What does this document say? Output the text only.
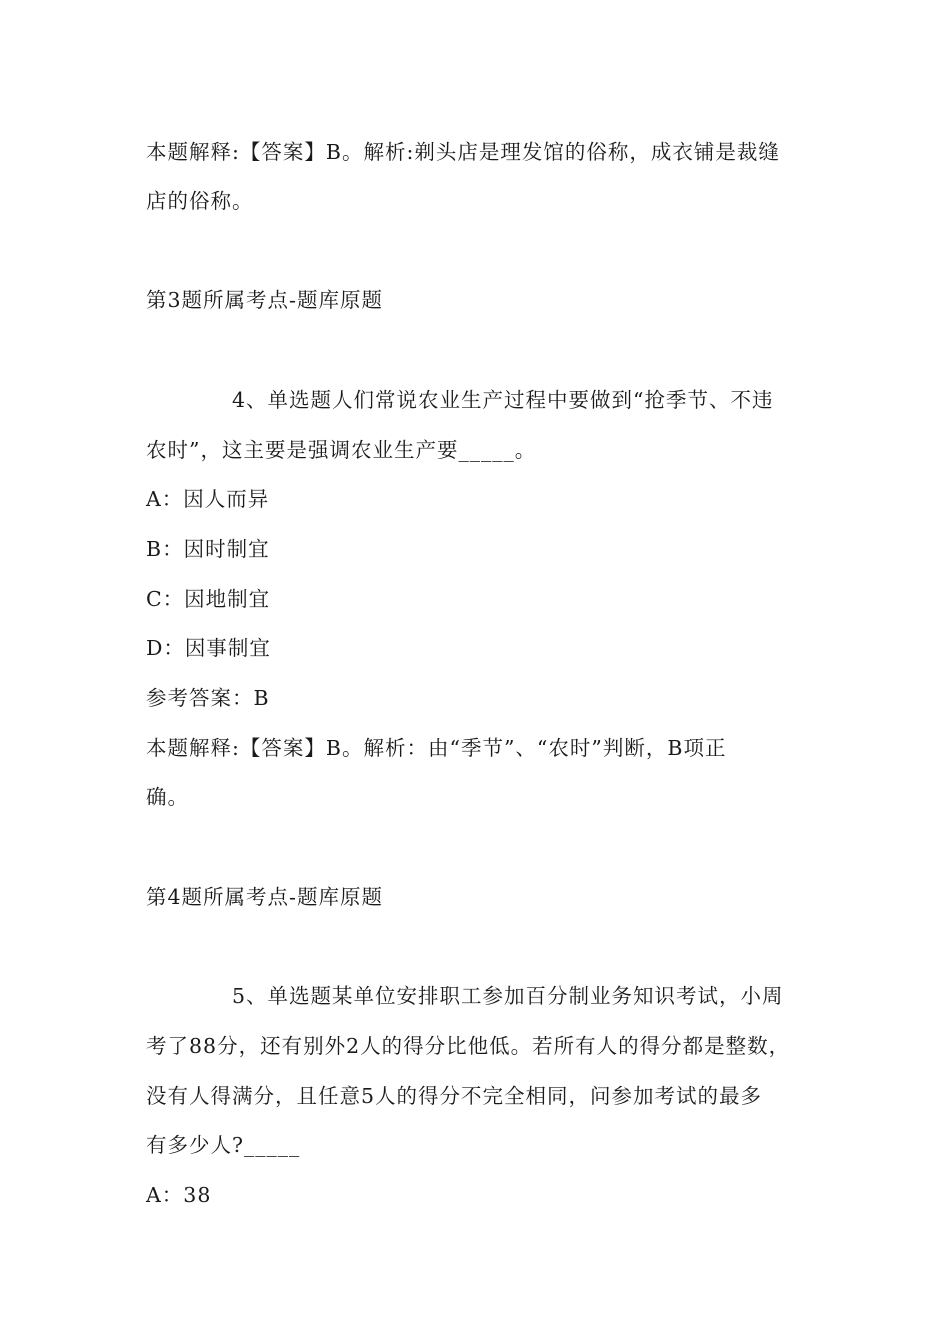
本题解释:【答案】B。解析:剃头店是理发馆的俗称，成衣铺是裁缝
店的俗称。
第3题所属考点-题库原题
4、单选题人们常说农业生产过程中要做到“抢季节、不违
农时”，这主要是强调农业生产要_____。
A：因人而异
B：因时制宜
C：因地制宜
D：因事制宜
参考答案：B
本题解释:【答案】B。解析：由“季节”、“农时”判断，B项正
确。
第4题所属考点-题库原题
5、单选题某单位安排职工参加百分制业务知识考试，小周
考了88分，还有别外2人的得分比他低。若所有人的得分都是整数，
没有人得满分，且任意5人的得分不完全相同，问参加考试的最多
有多少人?_____
A：38
